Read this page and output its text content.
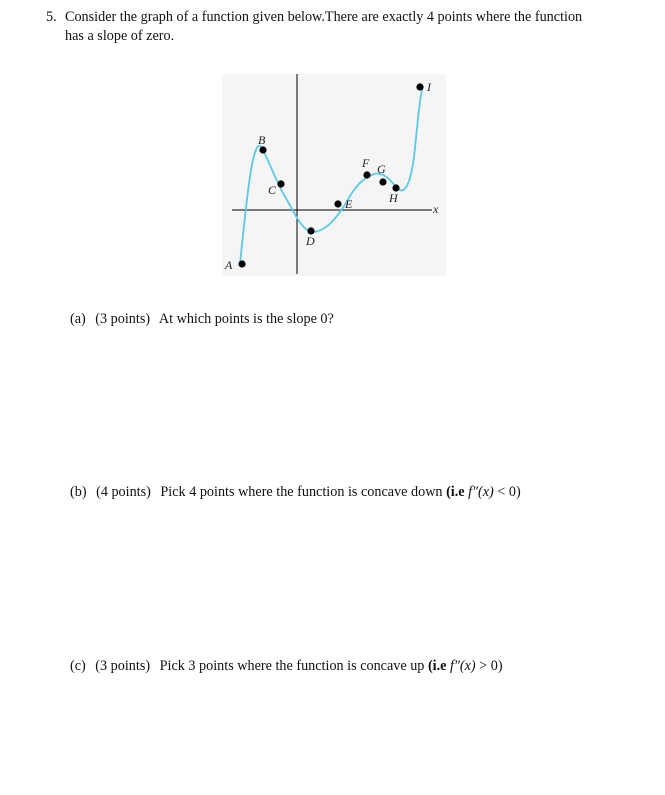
5. Consider the graph of a function given below.There are exactly 4 points where the function
has a slope of zero.
x
A
B
C
D
E
F G
H
I
(a) (3 points) At which points is the slope 0?
(b) (4 points) Pick 4 points where the function is concave down (i.e f″(x) < 0)
(c) (3 points) Pick 3 points where the function is concave up (i.e f″(x) > 0)
